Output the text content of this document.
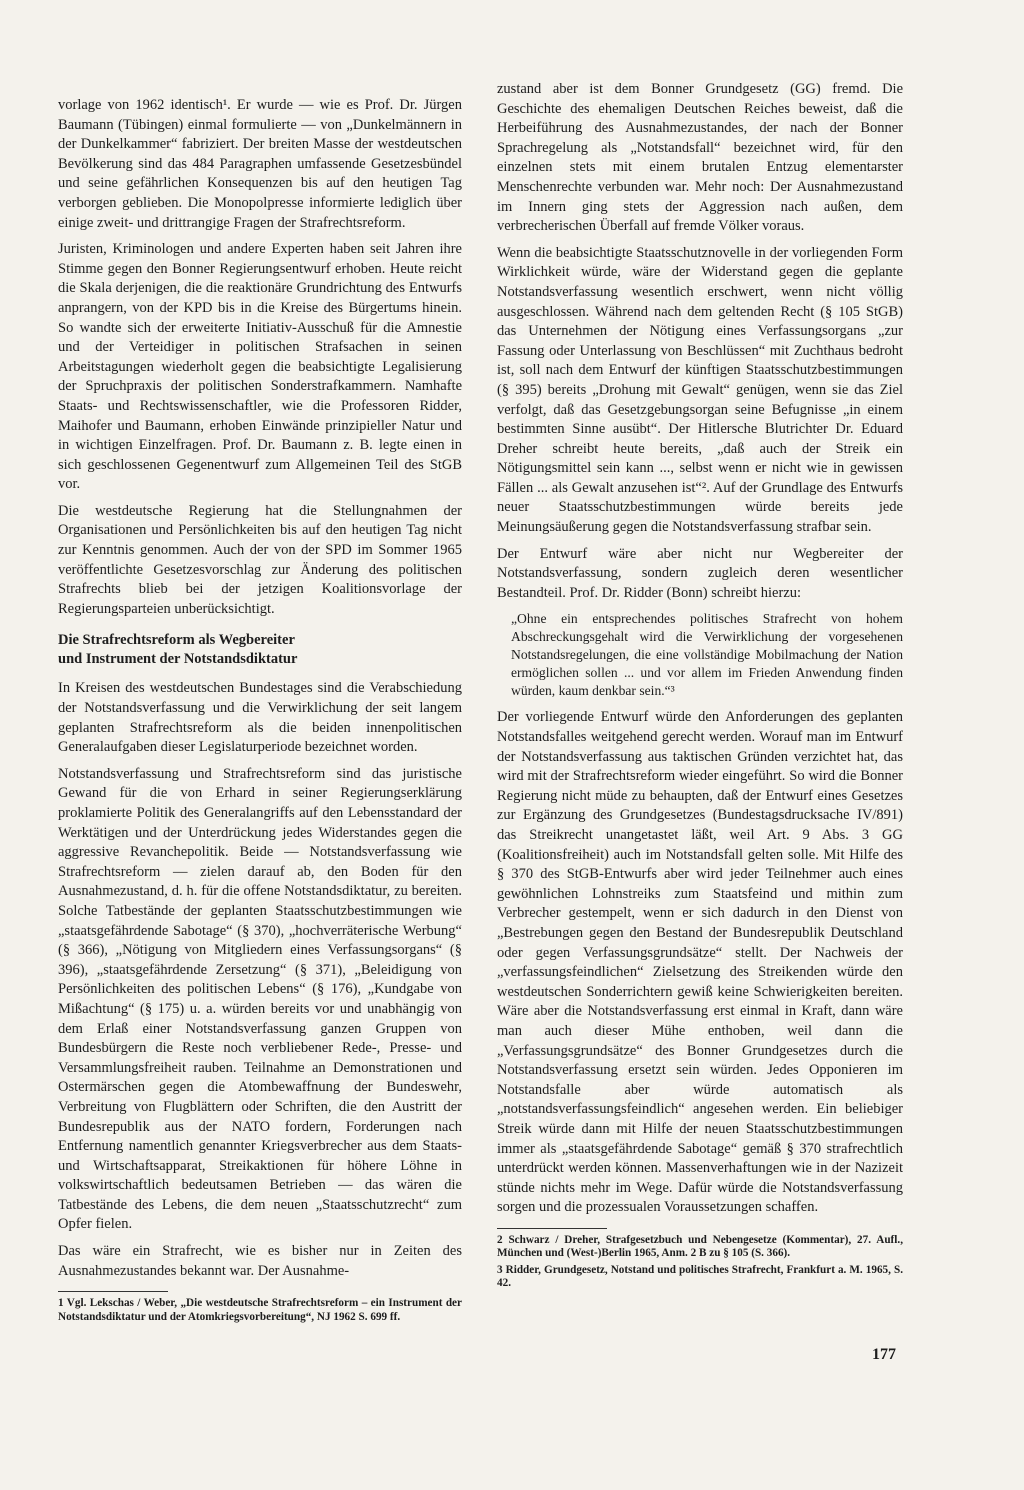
vorlage von 1962 identisch¹. Er wurde — wie es Prof. Dr. Jürgen Baumann (Tübingen) einmal formulierte — von „Dunkelmännern in der Dunkelkammer“ fabriziert. Der breiten Masse der westdeutschen Bevölkerung sind das 484 Paragraphen umfassende Gesetzesbündel und seine gefährlichen Konsequenzen bis auf den heutigen Tag verborgen geblieben. Die Monopolpresse informierte lediglich über einige zweit- und drittrangige Fragen der Strafrechtsreform.

Juristen, Kriminologen und andere Experten haben seit Jahren ihre Stimme gegen den Bonner Regierungsentwurf erhoben. Heute reicht die Skala derjenigen, die die reaktionäre Grundrichtung des Entwurfs anprangern, von der KPD bis in die Kreise des Bürgertums hinein. So wandte sich der erweiterte Initiativ-Ausschuß für die Amnestie und der Verteidiger in politischen Strafsachen in seinen Arbeitstagungen wiederholt gegen die beabsichtigte Legalisierung der Spruchpraxis der politischen Sonderstrafkammern. Namhafte Staats- und Rechtswissenschaftler, wie die Professoren Ridder, Maihofer und Baumann, erhoben Einwände prinzipieller Natur und in wichtigen Einzelfragen. Prof. Dr. Baumann z. B. legte einen in sich geschlossenen Gegenentwurf zum Allgemeinen Teil des StGB vor.

Die westdeutsche Regierung hat die Stellungnahmen der Organisationen und Persönlichkeiten bis auf den heutigen Tag nicht zur Kenntnis genommen. Auch der von der SPD im Sommer 1965 veröffentlichte Gesetzesvorschlag zur Änderung des politischen Strafrechts blieb bei der jetzigen Koalitionsvorlage der Regierungsparteien unberücksichtigt.

Die Strafrechtsreform als Wegbereiter
und Instrument der Notstandsdiktatur

In Kreisen des westdeutschen Bundestages sind die Verabschiedung der Notstandsverfassung und die Verwirklichung der seit langem geplanten Strafrechtsreform als die beiden innenpolitischen Generalaufgaben dieser Legislaturperiode bezeichnet worden.

Notstandsverfassung und Strafrechtsreform sind das juristische Gewand für die von Erhard in seiner Regierungserklärung proklamierte Politik des Generalangriffs auf den Lebensstandard der Werktätigen und der Unterdrückung jedes Widerstandes gegen die aggressive Revanchepolitik. Beide — Notstandsverfassung wie Strafrechtsreform — zielen darauf ab, den Boden für den Ausnahmezustand, d. h. für die offene Notstandsdiktatur, zu bereiten. Solche Tatbestände der geplanten Staatsschutzbestimmungen wie „staatsgefährdende Sabotage“ (§ 370), „hochverräterische Werbung“ (§ 366), „Nötigung von Mitgliedern eines Verfassungsorgans“ (§ 396), „staatsgefährdende Zersetzung“ (§ 371), „Beleidigung von Persönlichkeiten des politischen Lebens“ (§ 176), „Kundgabe von Mißachtung“ (§ 175) u. a. würden bereits vor und unabhängig von dem Erlaß einer Notstandsverfassung ganzen Gruppen von Bundesbürgern die Reste noch verbliebener Rede-, Presse- und Versammlungsfreiheit rauben. Teilnahme an Demonstrationen und Ostermärschen gegen die Atombewaffnung der Bundeswehr, Verbreitung von Flugblättern oder Schriften, die den Austritt der Bundesrepublik aus der NATO fordern, Forderungen nach Entfernung namentlich genannter Kriegsverbrecher aus dem Staats- und Wirtschaftsapparat, Streikaktionen für höhere Löhne in volkswirtschaftlich bedeutsamen Betrieben — das wären die Tatbestände des Lebens, die dem neuen „Staatsschutzrecht“ zum Opfer fielen.

Das wäre ein Strafrecht, wie es bisher nur in Zeiten des Ausnahmezustandes bekannt war. Der Ausnahme-

1 Vgl. Lekschas / Weber, „Die westdeutsche Strafrechtsreform – ein Instrument der Notstandsdiktatur und der Atomkriegsvorbereitung“, NJ 1962 S. 699 ff.

zustand aber ist dem Bonner Grundgesetz (GG) fremd. Die Geschichte des ehemaligen Deutschen Reiches beweist, daß die Herbeiführung des Ausnahmezustandes, der nach der Bonner Sprachregelung als „Notstandsfall“ bezeichnet wird, für den einzelnen stets mit einem brutalen Entzug elementarster Menschenrechte verbunden war. Mehr noch: Der Ausnahmezustand im Innern ging stets der Aggression nach außen, dem verbrecherischen Überfall auf fremde Völker voraus.

Wenn die beabsichtigte Staatsschutznovelle in der vorliegenden Form Wirklichkeit würde, wäre der Widerstand gegen die geplante Notstandsverfassung wesentlich erschwert, wenn nicht völlig ausgeschlossen. Während nach dem geltenden Recht (§ 105 StGB) das Unternehmen der Nötigung eines Verfassungsorgans „zur Fassung oder Unterlassung von Beschlüssen“ mit Zuchthaus bedroht ist, soll nach dem Entwurf der künftigen Staatsschutzbestimmungen (§ 395) bereits „Drohung mit Gewalt“ genügen, wenn sie das Ziel verfolgt, daß das Gesetzgebungsorgan seine Befugnisse „in einem bestimmten Sinne ausübt“. Der Hitlersche Blutrichter Dr. Eduard Dreher schreibt heute bereits, „daß auch der Streik ein Nötigungsmittel sein kann ..., selbst wenn er nicht wie in gewissen Fällen ... als Gewalt anzusehen ist“². Auf der Grundlage des Entwurfs neuer Staatsschutzbestimmungen würde bereits jede Meinungsäußerung gegen die Notstandsverfassung strafbar sein.

Der Entwurf wäre aber nicht nur Wegbereiter der Notstandsverfassung, sondern zugleich deren wesentlicher Bestandteil. Prof. Dr. Ridder (Bonn) schreibt hierzu:

„Ohne ein entsprechendes politisches Strafrecht von hohem Abschreckungsgehalt wird die Verwirklichung der vorgesehenen Notstandsregelungen, die eine vollständige Mobilmachung der Nation ermöglichen sollen ... und vor allem im Frieden Anwendung finden würden, kaum denkbar sein.“³

Der vorliegende Entwurf würde den Anforderungen des geplanten Notstandsfalles weitgehend gerecht werden. Worauf man im Entwurf der Notstandsverfassung aus taktischen Gründen verzichtet hat, das wird mit der Strafrechtsreform wieder eingeführt. So wird die Bonner Regierung nicht müde zu behaupten, daß der Entwurf eines Gesetzes zur Ergänzung des Grundgesetzes (Bundestagsdrucksache IV/891) das Streikrecht unangetastet läßt, weil Art. 9 Abs. 3 GG (Koalitionsfreiheit) auch im Notstandsfall gelten solle. Mit Hilfe des § 370 des StGB-Entwurfs aber wird jeder Teilnehmer auch eines gewöhnlichen Lohnstreiks zum Staatsfeind und mithin zum Verbrecher gestempelt, wenn er sich dadurch in den Dienst von „Bestrebungen gegen den Bestand der Bundesrepublik Deutschland oder gegen Verfassungsgrundsätze“ stellt. Der Nachweis der „verfassungsfeindlichen“ Zielsetzung des Streikenden würde den westdeutschen Sonderrichtern gewiß keine Schwierigkeiten bereiten. Wäre aber die Notstandsverfassung erst einmal in Kraft, dann wäre man auch dieser Mühe enthoben, weil dann die „Verfassungsgrundsätze“ des Bonner Grundgesetzes durch die Notstandsverfassung ersetzt sein würden. Jedes Opponieren im Notstandsfalle aber würde automatisch als „notstandsverfassungsfeindlich“ angesehen werden. Ein beliebiger Streik würde dann mit Hilfe der neuen Staatsschutzbestimmungen immer als „staatsgefährdende Sabotage“ gemäß § 370 strafrechtlich unterdrückt werden können. Massenverhaftungen wie in der Nazizeit stünde nichts mehr im Wege. Dafür würde die Notstandsverfassung sorgen und die prozessualen Voraussetzungen schaffen.

2 Schwarz / Dreher, Strafgesetzbuch und Nebengesetze (Kommentar), 27. Aufl., München und (West-)Berlin 1965, Anm. 2 B zu § 105 (S. 366).

3 Ridder, Grundgesetz, Notstand und politisches Strafrecht, Frankfurt a. M. 1965, S. 42.

177
